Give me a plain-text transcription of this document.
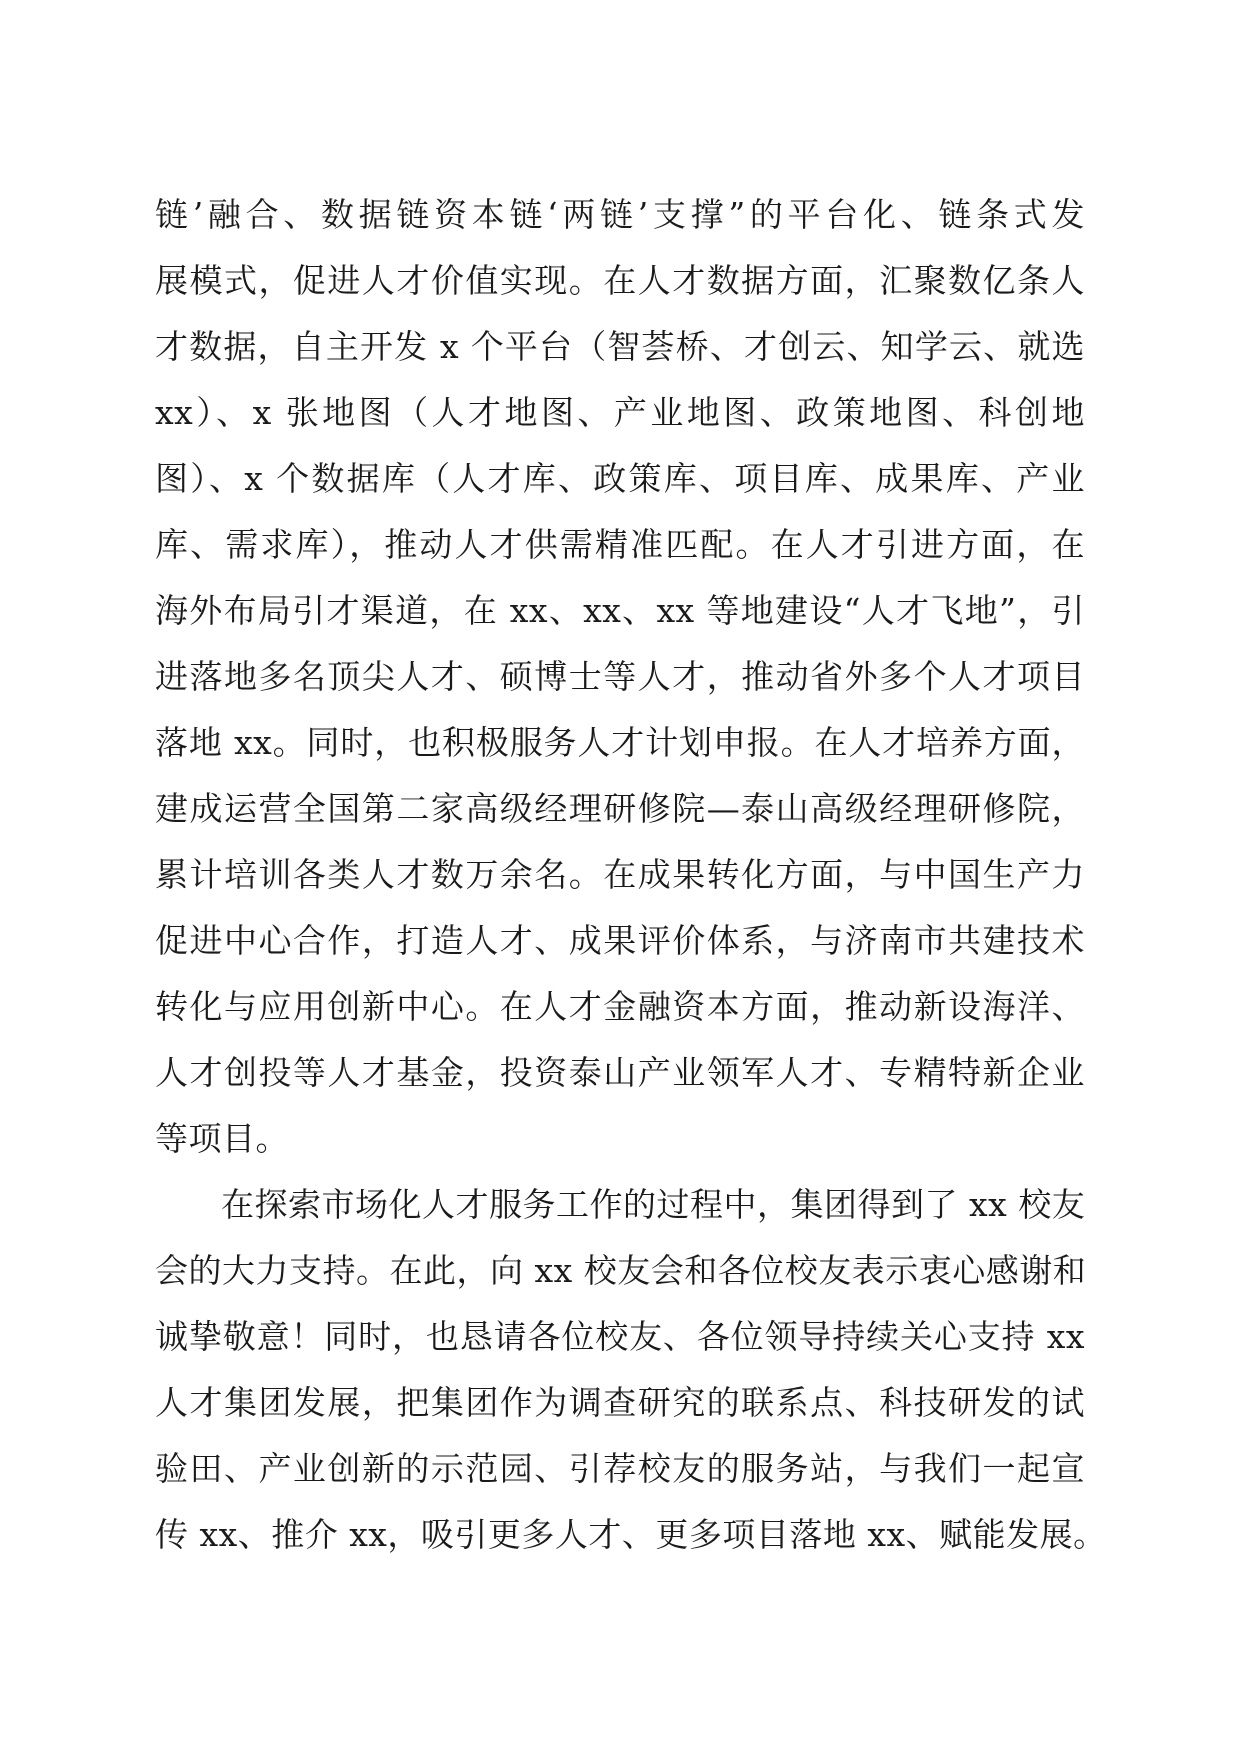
链’融合、数据链资本链‘两链’支撑”的平台化、链条式发
展模式，促进人才价值实现。在人才数据方面，汇聚数亿条人
才数据，自主开发 x 个平台（智荟桥、才创云、知学云、就选
xx）、x 张地图（人才地图、产业地图、政策地图、科创地
图）、x 个数据库（人才库、政策库、项目库、成果库、产业
库、需求库），推动人才供需精准匹配。在人才引进方面，在
海外布局引才渠道，在 xx、xx、xx 等地建设“人才飞地”，引
进落地多名顶尖人才、硕博士等人才，推动省外多个人才项目
落地 xx。同时，也积极服务人才计划申报。在人才培养方面，
建成运营全国第二家高级经理研修院—泰山高级经理研修院，
累计培训各类人才数万余名。在成果转化方面，与中国生产力
促进中心合作，打造人才、成果评价体系，与济南市共建技术
转化与应用创新中心。在人才金融资本方面，推动新设海洋、
人才创投等人才基金，投资泰山产业领军人才、专精特新企业
等项目。
在探索市场化人才服务工作的过程中，集团得到了 xx 校友
会的大力支持。在此，向 xx 校友会和各位校友表示衷心感谢和
诚挚敬意！同时，也恳请各位校友、各位领导持续关心支持 xx
人才集团发展，把集团作为调查研究的联系点、科技研发的试
验田、产业创新的示范园、引荐校友的服务站，与我们一起宣
传 xx、推介 xx，吸引更多人才、更多项目落地 xx、赋能发展。
